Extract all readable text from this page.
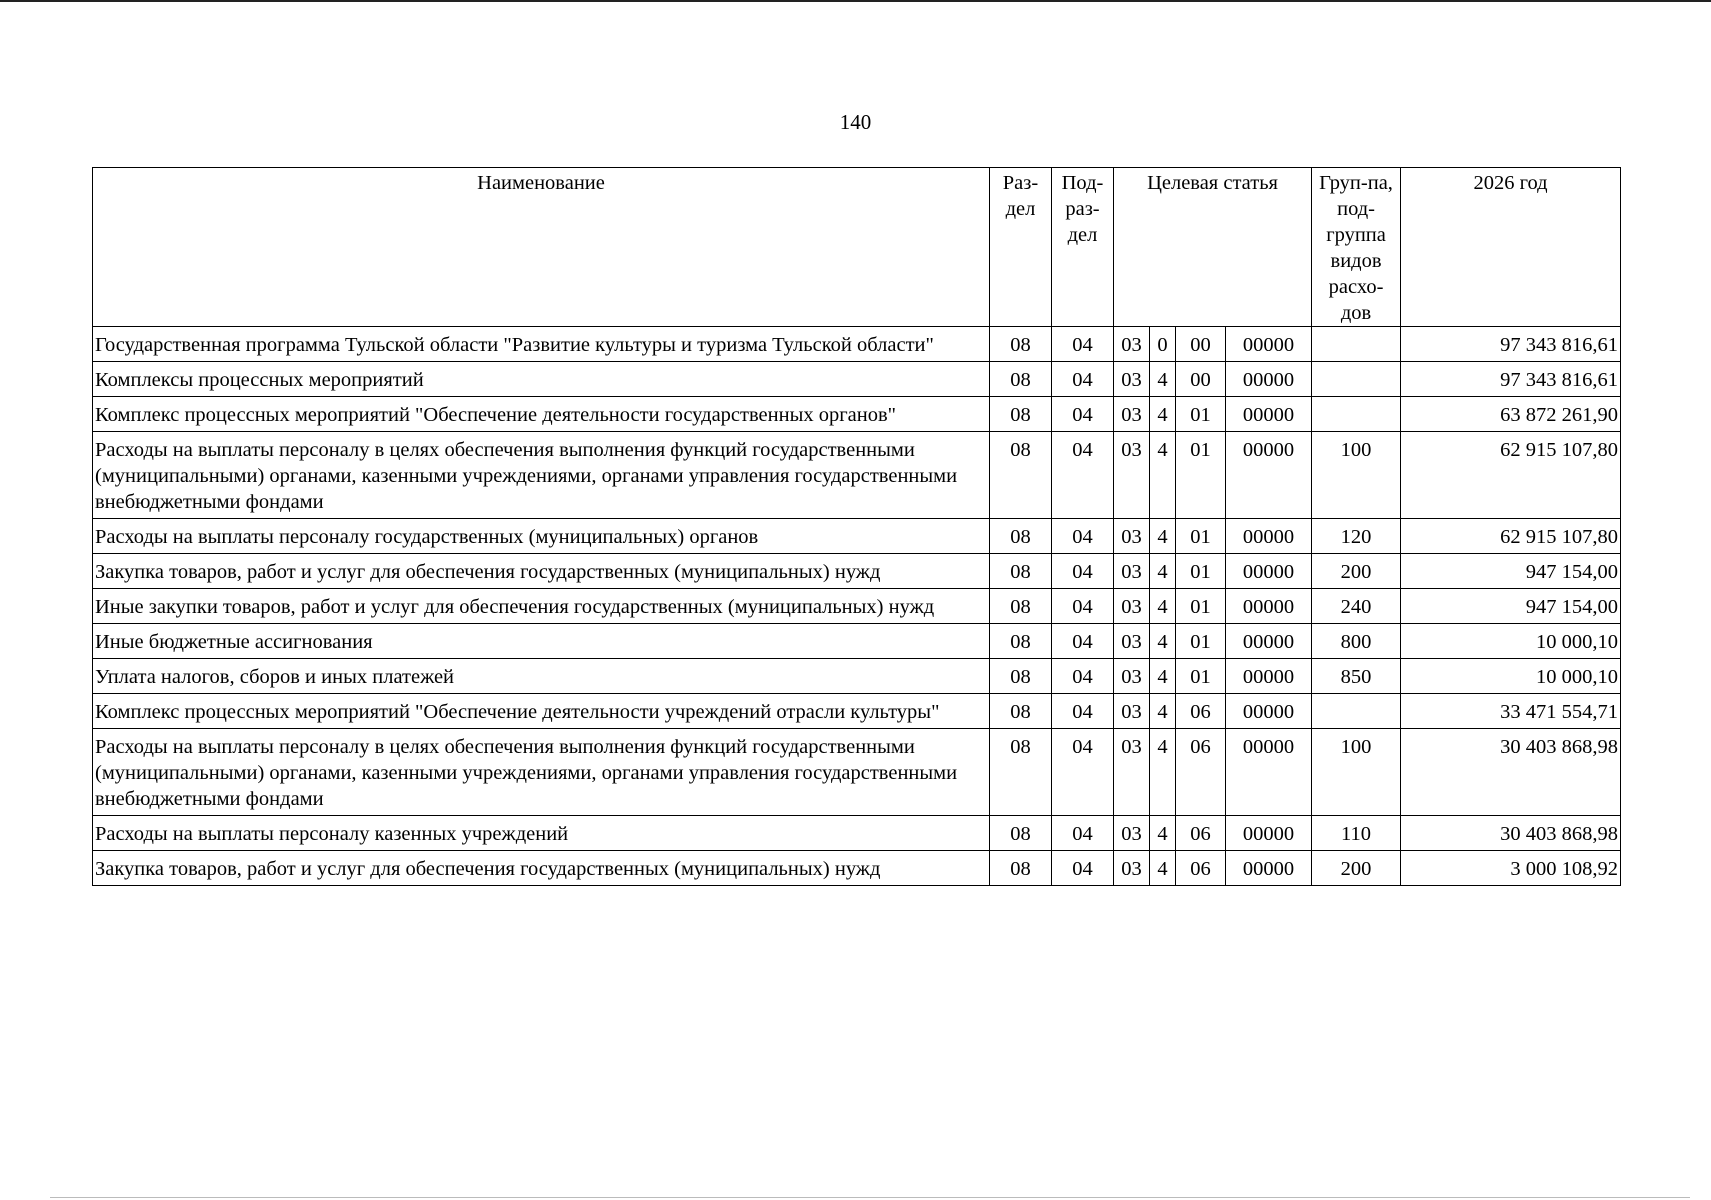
140
Наименование	Раз-дел	Под-раз-дел	Целевая статья				Груп-па, под-группа видов расхо-дов	2026 год
Государственная программа Тульской области "Развитие культуры и туризма Тульской области"	08	04	03	0	00	00000		97 343 816,61
Комплексы процессных мероприятий	08	04	03	4	00	00000		97 343 816,61
Комплекс процессных мероприятий "Обеспечение деятельности государственных органов"	08	04	03	4	01	00000		63 872 261,90
Расходы на выплаты персоналу в целях обеспечения выполнения функций государственными (муниципальными) органами, казенными учреждениями, органами управления государственными внебюджетными фондами	08	04	03	4	01	00000	100	62 915 107,80
Расходы на выплаты персоналу государственных (муниципальных) органов	08	04	03	4	01	00000	120	62 915 107,80
Закупка товаров, работ и услуг для обеспечения государственных (муниципальных) нужд	08	04	03	4	01	00000	200	947 154,00
Иные закупки товаров, работ и услуг для обеспечения государственных (муниципальных) нужд	08	04	03	4	01	00000	240	947 154,00
Иные бюджетные ассигнования	08	04	03	4	01	00000	800	10 000,10
Уплата налогов, сборов и иных платежей	08	04	03	4	01	00000	850	10 000,10
Комплекс процессных мероприятий "Обеспечение деятельности учреждений отрасли культуры"	08	04	03	4	06	00000		33 471 554,71
Расходы на выплаты персоналу в целях обеспечения выполнения функций государственными (муниципальными) органами, казенными учреждениями, органами управления государственными внебюджетными фондами	08	04	03	4	06	00000	100	30 403 868,98
Расходы на выплаты персоналу казенных учреждений	08	04	03	4	06	00000	110	30 403 868,98
Закупка товаров, работ и услуг для обеспечения государственных (муниципальных) нужд	08	04	03	4	06	00000	200	3 000 108,92
